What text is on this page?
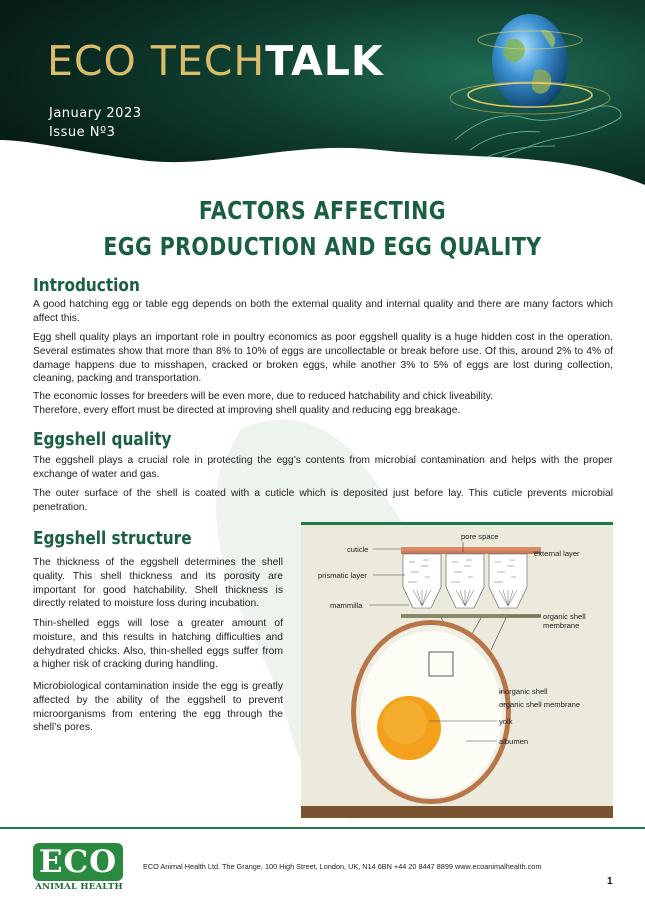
ECO TECHTALK
January 2023
Issue Nº3
FACTORS AFFECTING
EGG PRODUCTION AND EGG QUALITY
Introduction

A good hatching egg or table egg depends on both the external quality and internal quality and there are many factors which affect this.

Egg shell quality plays an important role in poultry economics as poor eggshell quality is a huge hidden cost in the operation. Several estimates show that more than 8% to 10% of eggs are uncollectable or break before use. Of this, around 2% to 4% of damage happens due to misshapen, cracked or broken eggs, while another 3% to 5% of eggs are lost during collection, cleaning, packing and transportation.

The economic losses for breeders will be even more, due to reduced hatchability and chick liveability.

Therefore, every effort must be directed at improving shell quality and reducing egg breakage.

Eggshell quality

The eggshell plays a crucial role in protecting the egg’s contents from microbial contamination and helps with the proper exchange of water and gas.

The outer surface of the shell is coated with a cuticle which is deposited just before lay. This cuticle prevents microbial penetration.

Eggshell structure

The thickness of the eggshell determines the shell quality. This shell thickness and its porosity are important for good hatchability. Shell thickness is directly related to moisture loss during incubation.

Thin-shelled eggs will lose a greater amount of moisture, and this results in hatching difficulties and dehydrated chicks. Also, thin-shelled eggs suffer from a higher risk of cracking during handling.

Microbiological contamination inside the egg is greatly affected by the ability of the eggshell to prevent microorganisms from entering the egg through the shell’s pores.

pore space
cuticle	external layer
prismatic layer
mammilla
organic shell
membrane
inorganic shell
organic shell membrane
yolk
albumen
ECO
ANIMAL HEALTH
ECO Animal Health Ltd. The Grange, 100 High Street, London, UK, N14 6BN +44 20 8447 8899 www.ecoanimalhealth.com
1
